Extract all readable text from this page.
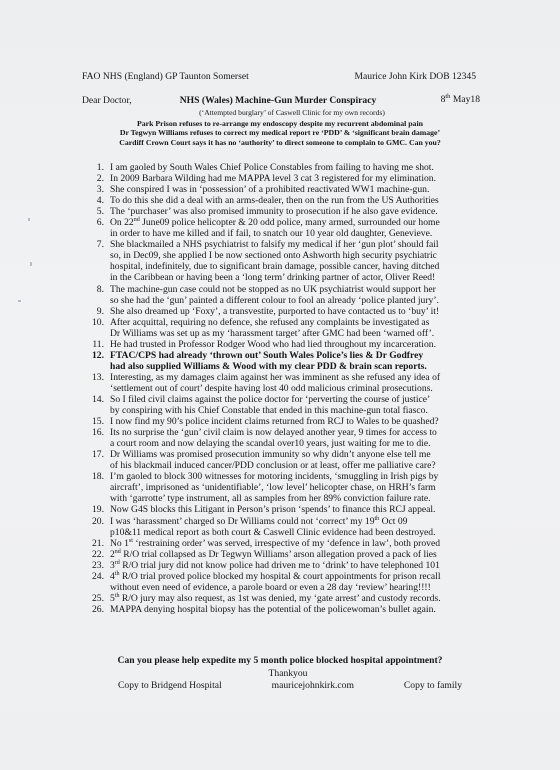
FAO NHS (England) GP Taunton Somerset	Maurice John Kirk DOB 12345
Dear Doctor,	NHS (Wales) Machine-Gun Murder Conspiracy	8th May18
(‘Attempted burglary’ of Caswell Clinic for my own records)
Park Prison refuses to re-arrange my endoscopy despite my recurrent abdominal pain
Dr Tegwyn Williams refuses to correct my medical report re ‘PDD’ & ‘significant brain damage’
Cardiff Crown Court says it has no ‘authority’ to direct someone to complain to GMC. Can you?
1. I am gaoled by South Wales Chief Police Constables from failing to having me shot.
2. In 2009 Barbara Wilding had me MAPPA level 3 cat 3 registered for my elimination.
3. She conspired I was in ‘possession’ of a prohibited reactivated WW1 machine-gun.
4. To do this she did a deal with an arms-dealer, then on the run from the US Authorities
5. The ‘purchaser’ was also promised immunity to prosecution if he also gave evidence.
6. On 22nd June09 police helicopter & 20 odd police, many armed, surrounded our home
in order to have me killed and if fail, to snatch our 10 year old daughter, Genevieve.
7. She blackmailed a NHS psychiatrist to falsify my medical if her ‘gun plot’ should fail
so, in Dec09, she applied I be now sectioned onto Ashworth high security psychiatric
hospital, indefinitely, due to significant brain damage, possible cancer, having ditched
in the Caribbean or having been a ‘long term’ drinking partner of actor, Oliver Reed!
8. The machine-gun case could not be stopped as no UK psychiatrist would support her
so she had the ‘gun’ painted a different colour to fool an already ‘police planted jury’.
9. She also dreamed up ‘Foxy’, a transvestite, purported to have contacted us to ‘buy’ it!
10. After acquittal, requiring no defence, she refused any complaints be investigated as
Dr Williams was set up as my ‘harassment target’ after GMC had been ‘warned off’.
11. He had trusted in Professor Rodger Wood who had lied throughout my incarceration.
12. FTAC/CPS had already ‘thrown out’ South Wales Police’s lies & Dr Godfrey
had also supplied Williams & Wood with my clear PDD & brain scan reports.
13. Interesting, as my damages claim against her was imminent as she refused any idea of
‘settlement out of court’ despite having lost 40 odd malicious criminal prosecutions.
14. So I filed civil claims against the police doctor for ‘perverting the course of justice’
by conspiring with his Chief Constable that ended in this machine-gun total fiasco.
15. I now find my 90’s police incident claims returned from RCJ to Wales to be quashed?
16. Its no surprise the ‘gun’ civil claim is now delayed another year, 9 times for access to
a court room and now delaying the scandal over10 years, just waiting for me to die.
17. Dr Williams was promised prosecution immunity so why didn’t anyone else tell me
of his blackmail induced cancer/PDD conclusion or at least, offer me palliative care?
18. I’m gaoled to block 300 witnesses for motoring incidents, ‘smuggling in Irish pigs by
aircraft’, imprisoned as ‘unidentifiable’, ‘low level’ helicopter chase, on HRH’s farm
with ‘garrotte’ type instrument, all as samples from her 89% conviction failure rate.
19. Now G4S blocks this Litigant in Person’s prison ‘spends’ to finance this RCJ appeal.
20. I was ‘harassment’ charged so Dr Williams could not ‘correct’ my 19th Oct 09
p10&11 medical report as both court & Caswell Clinic evidence had been destroyed.
21. No 1st ‘restraining order’ was served, irrespective of my ‘defence in law’, both proved
22. 2nd R/O trial collapsed as Dr Tegwyn Williams’ arson allegation proved a pack of lies
23. 3rd R/O trial jury did not know police had driven me to ‘drink’ to have telephoned 101
24. 4th R/O trial proved police blocked my hospital & court appointments for prison recall
without even need of evidence, a parole board or even a 28 day ‘review’ hearing!!!!
25. 5th R/O jury may also request, as 1st was denied, my ‘gate arrest’ and custody records.
26. MAPPA denying hospital biopsy has the potential of the policewoman’s bullet again.
Can you please help expedite my 5 month police blocked hospital appointment?
Thankyou
Copy to Bridgend Hospital	mauricejohnkirk.com	Copy to family
